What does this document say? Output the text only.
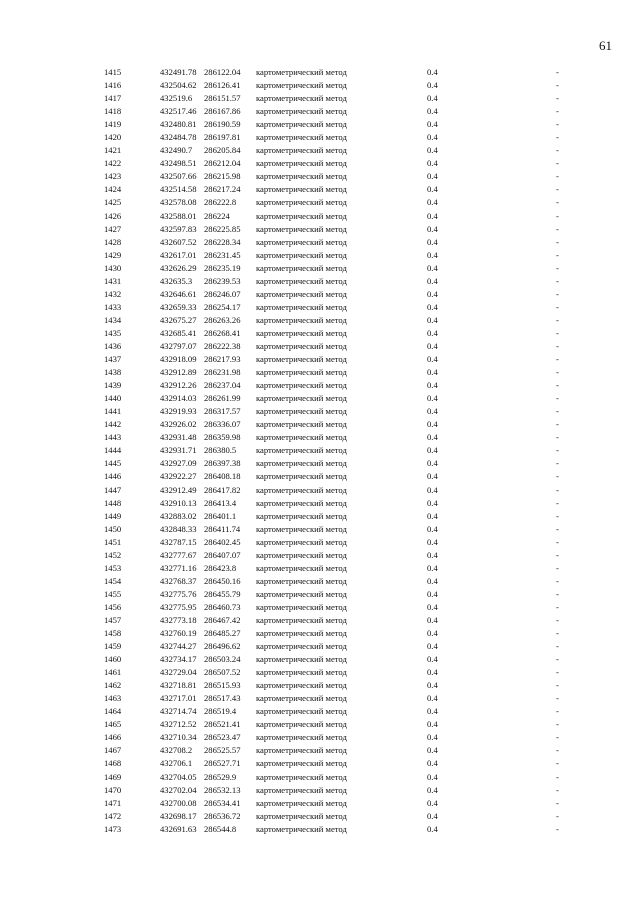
61
1415	432491.78 286122.04 картометрический метод	0.4	-
1416	432504.62 286126.41 картометрический метод	0.4	-
1417	432519.6 286151.57 картометрический метод	0.4	-
1418	432517.46 286167.86 картометрический метод	0.4	-
1419	432480.81 286190.59 картометрический метод	0.4	-
1420	432484.78 286197.81 картометрический метод	0.4	-
1421	432490.7 286205.84 картометрический метод	0.4	-
1422	432498.51 286212.04 картометрический метод	0.4	-
1423	432507.66 286215.98 картометрический метод	0.4	-
1424	432514.58 286217.24 картометрический метод	0.4	-
1425	432578.08 286222.8 картометрический метод	0.4	-
1426	432588.01 286224	картометрический метод	0.4	-
1427	432597.83 286225.85 картометрический метод	0.4	-
1428	432607.52 286228.34 картометрический метод	0.4	-
1429	432617.01 286231.45 картометрический метод	0.4	-
1430	432626.29 286235.19 картометрический метод	0.4	-
1431	432635.3 286239.53 картометрический метод	0.4	-
1432	432646.61 286246.07 картометрический метод	0.4	-
1433	432659.33 286254.17 картометрический метод	0.4	-
1434	432675.27 286263.26 картометрический метод	0.4	-
1435	432685.41 286268.41 картометрический метод	0.4	-
1436	432797.07 286222.38 картометрический метод	0.4	-
1437	432918.09 286217.93 картометрический метод	0.4	-
1438	432912.89 286231.98 картометрический метод	0.4	-
1439	432912.26 286237.04 картометрический метод	0.4	-
1440	432914.03 286261.99 картометрический метод	0.4	-
1441	432919.93 286317.57 картометрический метод	0.4	-
1442	432926.02 286336.07 картометрический метод	0.4	-
1443	432931.48 286359.98 картометрический метод	0.4	-
1444	432931.71 286380.5 картометрический метод	0.4	-
1445	432927.09 286397.38 картометрический метод	0.4	-
1446	432922.27 286408.18 картометрический метод	0.4	-
1447	432912.49 286417.82 картометрический метод	0.4	-
1448	432910.13 286413.4 картометрический метод	0.4	-
1449	432883.02 286401.1 картометрический метод	0.4	-
1450	432848.33 286411.74 картометрический метод	0.4	-
1451	432787.15 286402.45 картометрический метод	0.4	-
1452	432777.67 286407.07 картометрический метод	0.4	-
1453	432771.16 286423.8 картометрический метод	0.4	-
1454	432768.37 286450.16 картометрический метод	0.4	-
1455	432775.76 286455.79 картометрический метод	0.4	-
1456	432775.95 286460.73 картометрический метод	0.4	-
1457	432773.18 286467.42 картометрический метод	0.4	-
1458	432760.19 286485.27 картометрический метод	0.4	-
1459	432744.27 286496.62 картометрический метод	0.4	-
1460	432734.17 286503.24 картометрический метод	0.4	-
1461	432729.04 286507.52 картометрический метод	0.4	-
1462	432718.81 286515.93 картометрический метод	0.4	-
1463	432717.01 286517.43 картометрический метод	0.4	-
1464	432714.74 286519.4 картометрический метод	0.4	-
1465	432712.52 286521.41 картометрический метод	0.4	-
1466	432710.34 286523.47 картометрический метод	0.4	-
1467	432708.2 286525.57 картометрический метод	0.4	-
1468	432706.1 286527.71 картометрический метод	0.4	-
1469	432704.05 286529.9 картометрический метод	0.4	-
1470	432702.04 286532.13 картометрический метод	0.4	-
1471	432700.08 286534.41 картометрический метод	0.4	-
1472	432698.17 286536.72 картометрический метод	0.4	-
1473	432691.63 286544.8 картометрический метод	0.4	-
